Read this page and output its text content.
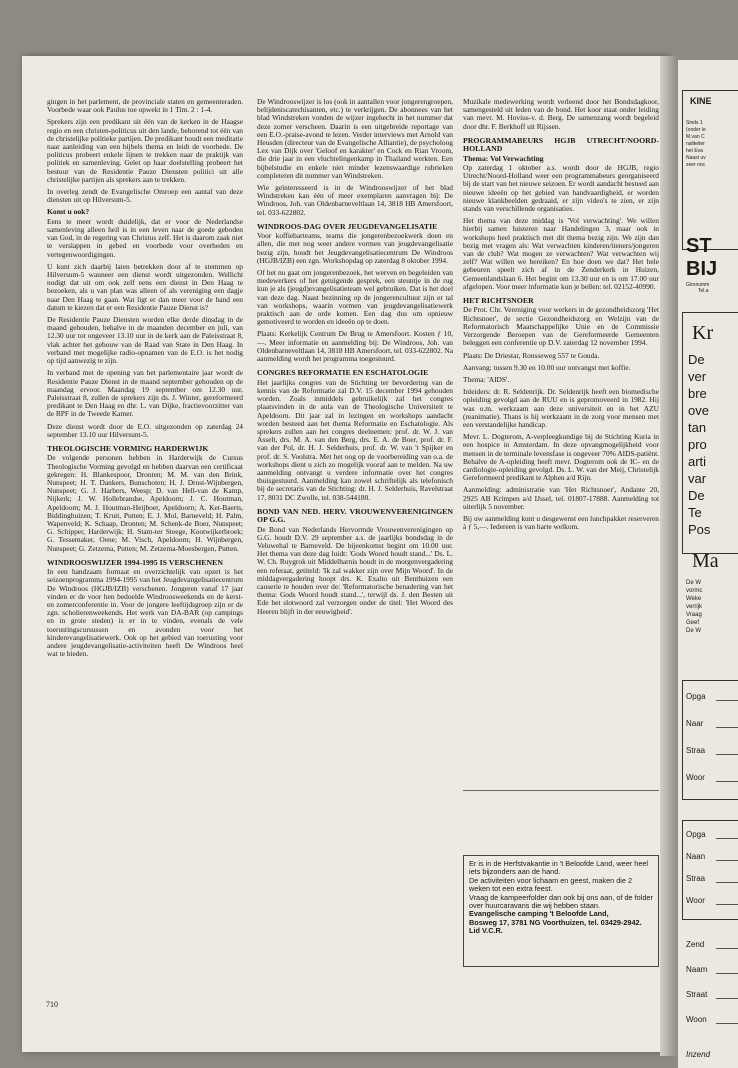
gingen in het parlement, de provinciale staten en gemeenteraden. Voorbede waar ook Paulus toe opwekt in 1 Tim. 2 : 1-4.

Sprekers zijn een predikant uit één van de kerken in de Haagse regio en een christen-politicus uit den lande, behorend tot één van de christelijke politieke partijen. De predikant houdt een meditatie naar aanleiding van een bijbels thema en leidt de voorbede. De politicus probeert enkele lijnen te trekken naar de praktijk van politiek en samenleving. Gelet op haar doelstelling probeert het bestuur van de Residentie Pauze Diensten politici uit alle christelijke partijen als sprekers aan te trekken.

In overleg zendt de Evangelische Omroep een aantal van deze diensten uit op Hilversum-5.

Komt u ook?

Eens te meer wordt duidelijk, dat er voor de Nederlandse samenleving alleen heil is in een leven naar de goede geboden van God, in de regering van Christus zelf. Het is daarom zaak niet te verslappen in gebed en voorbede voor overheden en vertegenwoordigingen.

U kunt zich daarbij laten betrekken door af te stemmen op Hilversum-5 wanneer een dienst wordt uitgezonden. Wellicht nodigt dat uit om ook zelf eens een dienst in Den Haag te bezoeken, als u van plan was alleen of als vereniging een dagje naar Den Haag te gaan. Wat ligt er dan meer voor de hand een datum te kiezen dat er een Residentie Pauze Dienst is?

De Residentie Pauze Diensten worden elke derde dinsdag in de maand gehouden, behalve in de maanden december en juli, van 12.30 uur tot ongeveer 13.10 uur in de kerk aan de Paleisstraat 8, vlak achter het gebouw van de Raad van State in Den Haag. In verband met mogelijke radio-opnamen van de E.O. is het nodig op tijd aanwezig te zijn.

In verband met de opening van het parlementaire jaar wordt de Residentie Pauze Dienst in de maand september gehouden op de maandag ervoor. Maandag 19 september om 12.30 uur, Paleisstraat 8, zullen de sprekers zijn ds. J. Winter, gereformeerd predikant te Den Haag en dhr. L. van Dijke, fractievoorzitter van de RPF in de Tweede Kamer.

Deze dienst wordt door de E.O. uitgezonden op zaterdag 24 september 13.10 uur Hilversum-5.

THEOLOGISCHE VORMING HARDERWIJK

De volgende personen hebben in Harderwijk de Cursus Theologische Vorming gevolgd en hebben daarvan een certificaat gekregen: H. Blankespoor, Dronten; M. M. van den Brink, Nunspeet; H. T. Dankers, Bunschoten; H. J. Drost-Wijnbergen, Nunspeet; G. J. Harbers, Weesp; D. van Hell-van de Kamp, Nijkerk; J. W. Hollebrandse, Apeldoorn; J. C. Houtman, Apeldoorn; M. J. Houtman-Heijboer, Apeldoorn; A. Ket-Baerts, Biddinghuizen; T. Kruit, Putten; E. J. Mol, Barneveld; H. Palm, Wapenveld; K. Schaap, Dronten; M. Schenk-de Boer, Nunspeet; G. Schipper, Harderwijk; H. Stam-ter Steege, Kootwijkerbroek; G. Tessemaker, Oene; M. Visch, Apeldoorn; H. Wijnbergen, Nunspeet; G. Zetzema, Putten; M. Zetzema-Moesbergen, Putten.

WINDROOSWIJZER 1994-1995 IS VERSCHENEN

In een handzaam formaat en overzichtelijk van opzet is het seizoenprogramma 1994-1995 van het Jeugdevangelisatiecentrum De Windroos (HGJB/IZB) verschenen. Jongeren vanaf 17 jaar vinden er de voor hen bedoelde Windroosweekends en de kerst- en zomerconferentie in. Voor de jongere leeftijdsgroep zijn er de zgn. scholierenweekends. Het werk van DA-BAR (op campings en in grote steden) is er in te vinden, evenals de vele toerustingscursussen en avonden voor het kinderevangelisatiewerk. Ook op het gebied van toerusting voor andere jeugdevangelisatie-activiteiten heeft De Windroos heel wat te bieden.

De Windrooswijzer is los (ook in aantallen voor jongerengroepen, belijdeniscatechisanten, etc.) te verkrijgen. De abonnees van het blad Windstreken vonden de wijzer ingehecht in het nummer dat deze zomer verscheen. Daarin is een uitgebreide reportage van een E.O.-praise-avond te lezen. Verder interviews met Arnold van Heusden (directeur van de Evangelische Alliantie), de psycholoog Lex van Dijk over 'Geloof en karakter' en Cock en Rian Vroom, die drie jaar in een vluchtelingenkamp in Thailand werkten. Een bijbelstudie en enkele niet minder lezenswaardige rubrieken completeren dit nummer van Windstreken.

Wie geïnteresseerd is in de Windrooswijzer of het blad Windstreken kan één of meer exemplaren aanvragen bij: De Windroos, Joh. van Oldenbarneveltlaan 14, 3818 HB Amersfoort, tel. 033-622802.

WINDROOS-DAG OVER JEUGDEVANGELISATIE

Voor koffiebarteams, teams die jongerenbezoekwerk doen en allen, die met nog weer andere vormen van jeugdevangelisatie bezig zijn, houdt het Jeugdevangelisatiecentrum De Windroos (HGJB/IZB) een zgn. Workshopdag op zaterdag 8 oktober 1994.

Of het nu gaat om jongerenbezoek, het werven en begeleiden van medewerkers of het getuigende gesprek, een steuntje in de rug kun je als (jeugd)evangelisatieteam wel gebruiken. Dat is het doel van deze dag. Naast bezinning op de jongerencultuur zijn er tal van workshops, waarin vormen van jeugdevangelisatiewerk praktisch aan de orde komen. Een dag dus om opnieuw gemotiveerd te worden en ideeën op te doen.

Plaats: Kerkelijk Centrum De Brug te Amersfoort. Kosten ƒ 10,—. Meer informatie en aanmelding bij: De Windroos, Joh. van Oldenbarneveltlaan 14, 3818 HB Amersfoort, tel. 033-622802. Na aanmelding wordt het programma toegestuurd.

CONGRES REFORMATIE EN ESCHATOLOGIE

Het jaarlijks congres van de Stichting ter bevordering van de kennis van de Reformatie zal D.V. 15 december 1994 gehouden worden. Zoals inmiddels gebruikelijk zal het congres plaatsvinden in de aula van de Theologische Universiteit te Apeldoorn. Dit jaar zal in lezingen en workshops aandacht worden besteed aan het thema Reformatie en Eschatologie. Als sprekers zullen aan het congres deelnemen: prof. dr. W. J. van Asselt, drs. M. A. van den Berg, drs. E. A. de Boer, prof. dr. F. van der Pol, dr. H. J. Selderhuis, prof. dr. W. van 't Spijker en prof. dr. S. Voolstra. Met het oog op de voorbereiding van o.a. de workshops dient u zich zo mogelijk vooraf aan te melden. Na uw aanmelding ontvangt u verdere informatie over het congres thuisgestuurd. Aanmelding kan zowel schriftelijk als telefonisch bij de secretaris van de Stichting: dr. H. J. Selderhuis, Ravelstraat 17, 8031 DC Zwolle, tel. 038-544180.

BOND VAN NED. HERV. VROUWENVERENIGINGEN OP G.G.

De Bond van Nederlands Hervormde Vrouwenverenigingen op G.G. houdt D.V. 29 september a.s. de jaarlijks bondsdag in de Veluwehal te Barneveld. De bijeenkomst begint om 10.00 uur. Het thema van deze dag luidt: 'Gods Woord houdt stand...' Ds. L. W. Ch. Ruygrok uit Middelharnis houdt in de morgenvergadering een referaat, getiteld: 'Ik zal wakker zijn over Mijn Woord'. In de middagvergadering hoopt drs. K. Exalto uit Benthuizen een causerie te houden over de: 'Reformatorische benadering van het thema: Gods Woord houdt stand...', terwijl ds. J. den Besten uit Ede het slotwoord zal verzorgen onder de titel: 'Het Woord des Heeren blijft in der eeuwigheid'.

Muzikale medewerking wordt verleend door het Bondsdagkoor, samengesteld uit leden van de bond. Het koor staat onder leiding van mevr. M. Hovius-v. d. Berg. De samenzang wordt begeleid door dhr. F. Berkhoff uit Rijssen.

PROGRAMMABEURS HGJB UTRECHT/NOORD-HOLLAND
Thema: Vol Verwachting

Op zaterdag 1 oktober a.s. wordt door de HGJB, regio Utrecht/Noord-Holland weer een programmabeurs georganiseerd bij de start van het nieuwe seizoen. Er wordt aandacht besteed aan nieuwe ideeën op het gebied van handvaardigheid, er worden nieuwe klankbeelden gedraaid, er zijn video's te zien, er zijn stands van verschillende organisaties.

Het thema van deze middag is 'Vol verwachting'. We willen hierbij samen luisteren naar Handelingen 3, maar ook in workshops heel praktisch met dit thema bezig zijn. We zijn dan bezig met vragen als: Wat verwachten kinderen/tieners/jongeren van de club? Wat mogen ze verwachten? Wat verwachten wij zelf? Wat willen we bereiken? En hoe doen we dat? Het hele gebeuren speelt zich af in de Zenderkerk in Huizen, Gemeenlandslaan 6. Het begint om 13.30 uur en is om 17.00 uur afgelopen. Voor meer informatie kun je bellen: tel. 02152-40990.

HET RICHTSNOER

De Prot. Chr. Vereniging voor werkers in de gezondheidszorg 'Het Richtsnoer', de sectie Gezondheidszorg en Welzijn van de Reformatorisch Maatschappelijke Unie en de Commissie Verzorgende Beroepen van de Gereformeerde Gemeenten beleggen een conferentie op D.V. zaterdag 12 november 1994.

Plaats: De Driestar, Ronsseweg 557 te Gouda.

Aanvang: tussen 9.30 en 10.00 uur ontvangst met koffie.

Thema: 'AIDS'.

Inleiders: dr. R. Seldenrijk. Dr. Seldenrijk heeft een biomedische opleiding gevolgd aan de RUU en is gepromoveerd in 1982. Hij was o.m. werkzaam aan deze universiteit en in het AZU (reanimatie). Thans is hij werkzaam in de zorg voor mensen met een verstandelijke handicap.

Mevr. L. Dogterom, A-verpleegkundige bij de Stichting Kuria in een hospice in Amsterdam. In deze opvangmogelijkheid voor mensen in de terminale levensfase is ongeveer 70% AIDS-patiënt. Behalve de A-opleiding heeft mevr. Dogterom ook de IC- en de cardiologie-opleiding gevolgd. Ds. L. W. van der Meij, Christelijk Gereformeerd predikant te Alphen a/d Rijn.

Aanmelding: administratie van 'Het Richtsnoer', Andante 20, 2925 AB Krimpen a/d IJssel, tel. 01807-17888. Aanmelding tot uiterlijk 5 november.

Bij uw aanmelding kunt u desgewenst een lunchpakket reserveren à ƒ 5,—. Iedereen is van harte welkom.

Er is in de Herfstvakantie in 't Beloofde Land, weer heel iets bijzonders aan de hand.

De activiteiten voor lichaam en geest, maken die 2 weken tot een extra feest.

Vraag de kampeerfolder dan ook bij ons aan, of de folder over huurcaravans die wij hebben staan.

Evangelische camping 't Beloofde Land,

Bosweg 17, 3781 NG Voorthuizen, tel. 03429-2942. Lid V.C.R.

710
KINE
Sinds 1
(onder le
M.van C
naliteiter
het Eva
Naast uv
zeer noc
ST
BIJ
Gironumm
Tel.a
Kr
De
ver
bre
ove
tan
pro
arti
var
De
Te
Pos
Ma
De W
vormc
Weke
verrijk
Vraag
Geef
De W
Opga
Naar
Straa
Woor
Opga
Naan
Straa
Woor
Zend
Naam
Straat
Woon
Inzend
